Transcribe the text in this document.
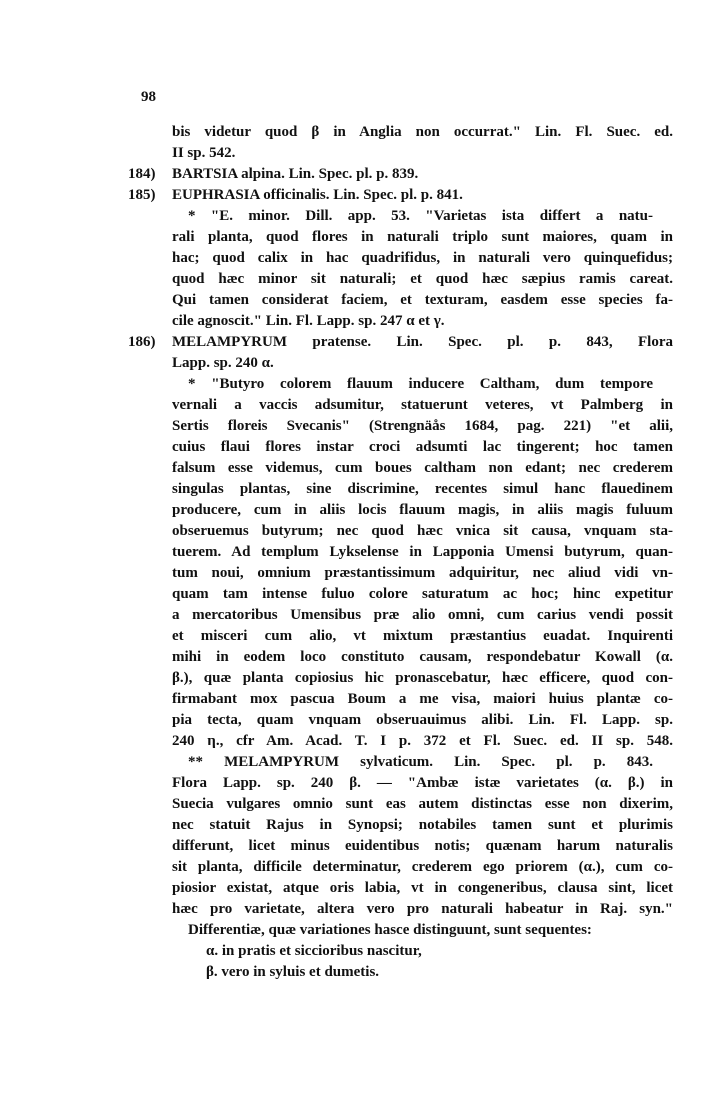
98
bis videtur quod β in Anglia non occurrat." Lin. Fl. Suec. ed.
II sp. 542.
184) BARTSIA alpina. Lin. Spec. pl. p. 839.
185) EUPHRASIA officinalis. Lin. Spec. pl. p. 841.
* "E. minor. Dill. app. 53. "Varietas ista differt a natu-
rali planta, quod flores in naturali triplo sunt maiores, quam in
hac; quod calix in hac quadrifidus, in naturali vero quinquefidus;
quod hæc minor sit naturali; et quod hæc sæpius ramis careat.
Qui tamen considerat faciem, et texturam, easdem esse species fa-
cile agnoscit." Lin. Fl. Lapp. sp. 247 α et γ.
186) MELAMPYRUM pratense. Lin. Spec. pl. p. 843, Flora
Lapp. sp. 240 α.
* "Butyro colorem flauum inducere Caltham, dum tempore
vernali a vaccis adsumitur, statuerunt veteres, vt Palmberg in
Sertis floreis Svecanis" (Strengnäås 1684, pag. 221) "et alii,
cuius flaui flores instar croci adsumti lac tingerent; hoc tamen
falsum esse videmus, cum boues caltham non edant; nec crederem
singulas plantas, sine discrimine, recentes simul hanc flauedinem
producere, cum in aliis locis flauum magis, in aliis magis fuluum
obseruemus butyrum; nec quod hæc vnica sit causa, vnquam sta-
tuerem. Ad templum Lykselense in Lapponia Umensi butyrum, quan-
tum noui, omnium præstantissimum adquiritur, nec aliud vidi vn-
quam tam intense fuluo colore saturatum ac hoc; hinc expetitur
a mercatoribus Umensibus præ alio omni, cum carius vendi possit
et misceri cum alio, vt mixtum præstantius euadat. Inquirenti
mihi in eodem loco constituto causam, respondebatur Kowall (α.
β.), quæ planta copiosius hic pronascebatur, hæc efficere, quod con-
firmabant mox pascua Boum a me visa, maiori huius plantæ co-
pia tecta, quam vnquam obseruauimus alibi. Lin. Fl. Lapp. sp.
240 η., cfr Am. Acad. T. I p. 372 et Fl. Suec. ed. II sp. 548.
** MELAMPYRUM sylvaticum. Lin. Spec. pl. p. 843.
Flora Lapp. sp. 240 β. — "Ambæ istæ varietates (α. β.) in
Suecia vulgares omnio sunt eas autem distinctas esse non dixerim,
nec statuit Rajus in Synopsi; notabiles tamen sunt et plurimis
differunt, licet minus euidentibus notis; quænam harum naturalis
sit planta, difficile determinatur, crederem ego priorem (α.), cum co-
piosior existat, atque oris labia, vt in congeneribus, clausa sint, licet
hæc pro varietate, altera vero pro naturali habeatur in Raj. syn."
Differentiæ, quæ variationes hasce distinguunt, sunt sequentes:
α. in pratis et siccioribus nascitur,
β. vero in syluis et dumetis.
